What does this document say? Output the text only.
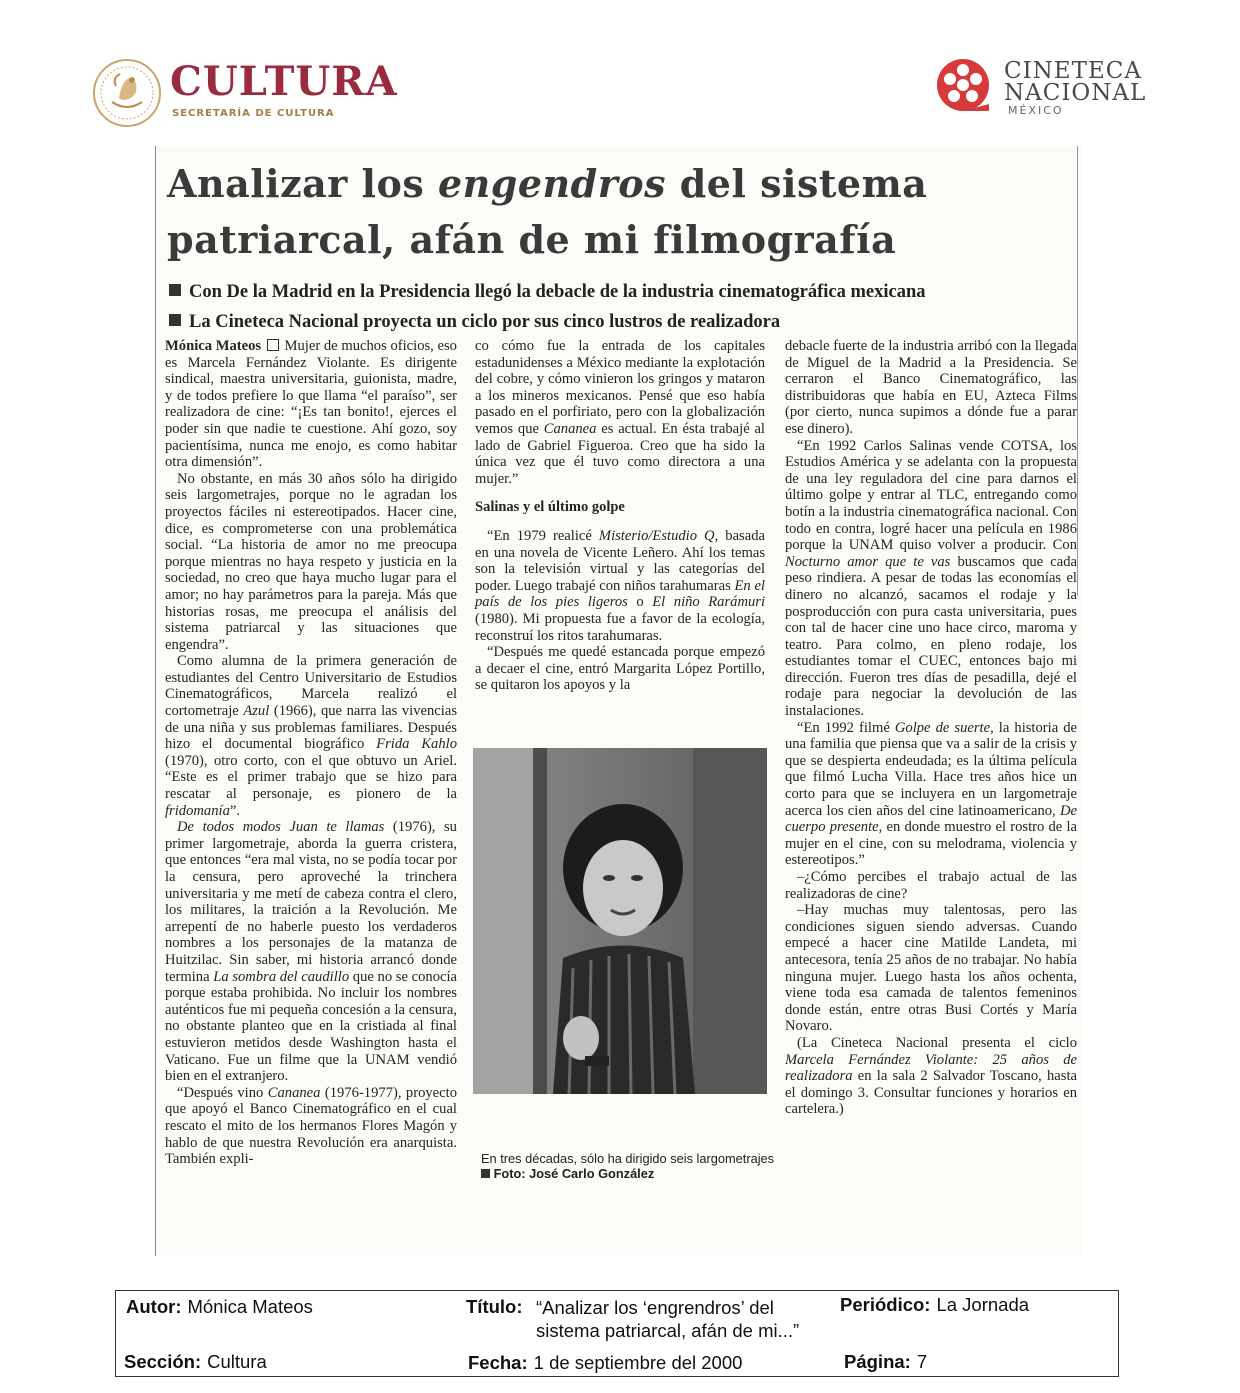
CULTURA
SECRETARÍA DE CULTURA
CINETECA
NACIONAL
MÉXICO
Analizar los engendros del sistema patriarcal, afán de mi filmografía
Con De la Madrid en la Presidencia llegó la debacle de la industria cinematográfica mexicana
La Cineteca Nacional proyecta un ciclo por sus cinco lustros de realizadora

Mónica Mateos Mujer de muchos oficios, eso es Marcela Fernández Violante. Es dirigente sindical, maestra universitaria, guionista, madre, y de todos prefiere lo que llama “el paraíso”, ser realizadora de cine: “¡Es tan bonito!, ejerces el poder sin que nadie te cuestione. Ahí gozo, soy pacientísima, nunca me enojo, es como habitar otra dimensión”.

No obstante, en más 30 años sólo ha dirigido seis largometrajes, porque no le agradan los proyectos fáciles ni estereotipados. Hacer cine, dice, es comprometerse con una problemática social. “La historia de amor no me preocupa porque mientras no haya respeto y justicia en la sociedad, no creo que haya mucho lugar para el amor; no hay parámetros para la pareja. Más que historias rosas, me preocupa el análisis del sistema patriarcal y las situaciones que engendra”.

Como alumna de la primera generación de estudiantes del Centro Universitario de Estudios Cinematográficos, Marcela realizó el cortometraje Azul (1966), que narra las vivencias de una niña y sus problemas familiares. Después hizo el documental biográfico Frida Kahlo (1970), otro corto, con el que obtuvo un Ariel. “Este es el primer trabajo que se hizo para rescatar al personaje, es pionero de la fridomanía”.

De todos modos Juan te llamas (1976), su primer largometraje, aborda la guerra cristera, que entonces “era mal vista, no se podía tocar por la censura, pero aproveché la trinchera universitaria y me metí de cabeza contra el clero, los militares, la traición a la Revolución. Me arrepentí de no haberle puesto los verdaderos nombres a los personajes de la matanza de Huitzilac. Sin saber, mi historia arrancó donde termina La sombra del caudillo que no se conocía porque estaba prohibida. No incluir los nombres auténticos fue mi pequeña concesión a la censura, no obstante planteo que en la cristiada al final estuvieron metidos desde Washington hasta el Vaticano. Fue un filme que la UNAM vendió bien en el extranjero.

“Después vino Cananea (1976-1977), proyecto que apoyó el Banco Cinematográfico en el cual rescato el mito de los hermanos Flores Magón y hablo de que nuestra Revolución era anarquista. También expli-

co cómo fue la entrada de los capitales estadunidenses a México mediante la explotación del cobre, y cómo vinieron los gringos y mataron a los mineros mexicanos. Pensé que eso había pasado en el porfiriato, pero con la globalización vemos que Cananea es actual. En ésta trabajé al lado de Gabriel Figueroa. Creo que ha sido la única vez que él tuvo como directora a una mujer.”

Salinas y el último golpe

“En 1979 realicé Misterio/Estudio Q, basada en una novela de Vicente Leñero. Ahí los temas son la televisión virtual y las categorías del poder. Luego trabajé con niños tarahumaras En el país de los pies ligeros o El niño Rarámuri (1980). Mi propuesta fue a favor de la ecología, reconstruí los ritos tarahumaras.

“Después me quedé estancada porque empezó a decaer el cine, entró Margarita López Portillo, se quitaron los apoyos y la

En tres décadas, sólo ha dirigido seis largometrajes  Foto: José Carlo González

debacle fuerte de la industria arribó con la llegada de Miguel de la Madrid a la Presidencia. Se cerraron el Banco Cinematográfico, las distribuidoras que había en EU, Azteca Films (por cierto, nunca supimos a dónde fue a parar ese dinero).

“En 1992 Carlos Salinas vende COTSA, los Estudios América y se adelanta con la propuesta de una ley reguladora del cine para darnos el último golpe y entrar al TLC, entregando como botín a la industria cinematográfica nacional. Con todo en contra, logré hacer una película en 1986 porque la UNAM quiso volver a producir. Con Nocturno amor que te vas buscamos que cada peso rindiera. A pesar de todas las economías el dinero no alcanzó, sacamos el rodaje y la posproducción con pura casta universitaria, pues con tal de hacer cine uno hace circo, maroma y teatro. Para colmo, en pleno rodaje, los estudiantes tomar el CUEC, entonces bajo mi dirección. Fueron tres días de pesadilla, dejé el rodaje para negociar la devolución de las instalaciones.

“En 1992 filmé Golpe de suerte, la historia de una familia que piensa que va a salir de la crisis y que se despierta endeudada; es la última película que filmó Lucha Villa. Hace tres años hice un corto para que se incluyera en un largometraje acerca los cien años del cine latinoamericano, De cuerpo presente, en donde muestro el rostro de la mujer en el cine, con su melodrama, violencia y estereotipos.”

–¿Cómo percibes el trabajo actual de las realizadoras de cine?

–Hay muchas muy talentosas, pero las condiciones siguen siendo adversas. Cuando empecé a hacer cine Matilde Landeta, mi antecesora, tenía 25 años de no trabajar. No había ninguna mujer. Luego hasta los años ochenta, viene toda esa camada de talentos femeninos donde están, entre otras Busi Cortés y María Novaro.

(La Cineteca Nacional presenta el ciclo Marcela Fernández Violante: 25 años de realizadora en la sala 2 Salvador Toscano, hasta el domingo 3. Consultar funciones y horarios en cartelera.)

Autor: Mónica Mateos	Título: “Analizar los ‘engrendros’ del sistema patriarcal, afán de mi...”
Periódico: La Jornada
Sección: Cultura	Fecha: 1 de septiembre del 2000	Página: 7
